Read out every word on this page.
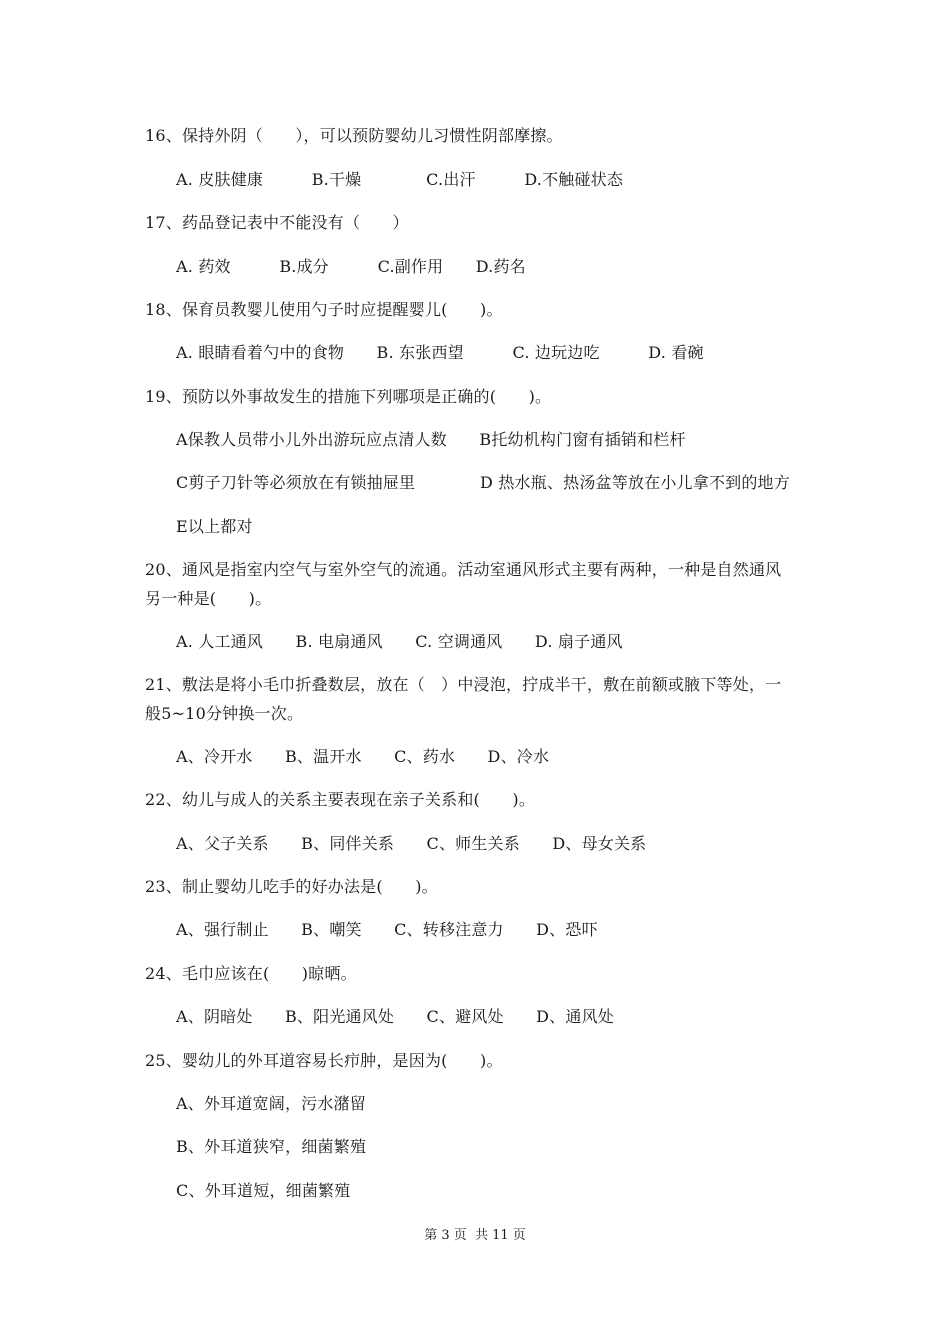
16、保持外阴（　　），可以预防婴幼儿习惯性阴部摩擦。
A. 皮肤健康　　　B.干燥　　　　C.出汗　　　D.不触碰状态
17、药品登记表中不能没有（　　）
A. 药效　　　B.成分　　　C.副作用　　D.药名
18、保育员教婴儿使用勺子时应提醒婴儿(　　)。
A. 眼睛看着勺中的食物　　B. 东张西望　　　C. 边玩边吃　　　D. 看碗
19、预防以外事故发生的措施下列哪项是正确的(　　)。
A保教人员带小儿外出游玩应点清人数　　B托幼机构门窗有插销和栏杆
C剪子刀针等必须放在有锁抽屉里　　　　D 热水瓶、热汤盆等放在小儿拿不到的地方
E以上都对
20、通风是指室内空气与室外空气的流通。活动室通风形式主要有两种，一种是自然通风
另一种是(　　)。
A. 人工通风　　B. 电扇通风　　C. 空调通风　　D. 扇子通风
21、敷法是将小毛巾折叠数层，放在（　）中浸泡，拧成半干，敷在前额或腋下等处，一
般5~10分钟换一次。
A、冷开水　　B、温开水　　C、药水　　D、冷水
22、幼儿与成人的关系主要表现在亲子关系和(　　)。
A、父子关系　　B、同伴关系　　C、师生关系　　D、母女关系
23、制止婴幼儿吃手的好办法是(　　)。
A、强行制止　　B、嘲笑　　C、转移注意力　　D、恐吓
24、毛巾应该在(　　)晾晒。
A、阴暗处　　B、阳光通风处　　C、避风处　　D、通风处
25、婴幼儿的外耳道容易长疖肿，是因为(　　)。
A、外耳道宽阔，污水潴留
B、外耳道狭窄，细菌繁殖
C、外耳道短，细菌繁殖
第 3 页  共 11 页
